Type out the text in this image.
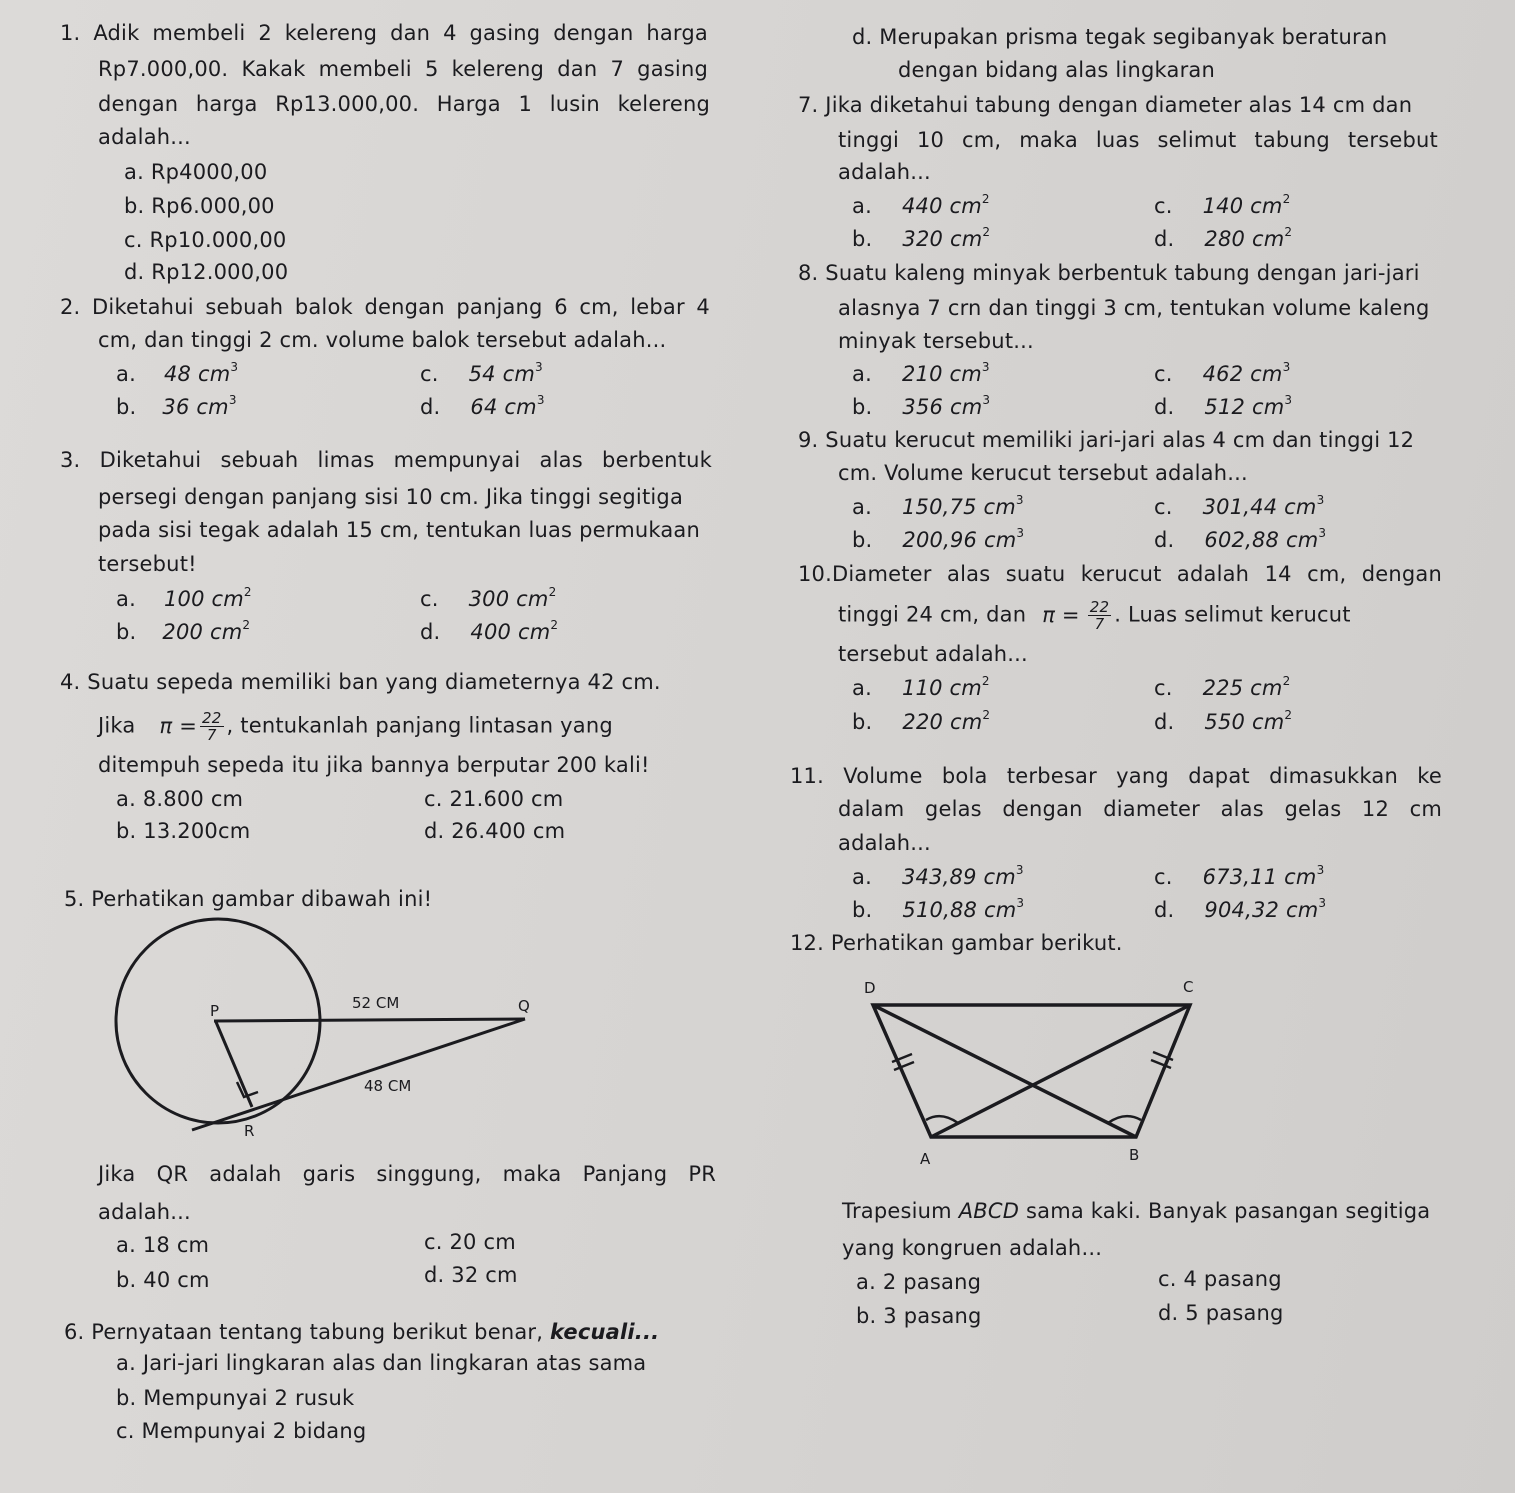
1. Adik membeli 2 kelereng dan 4 gasing dengan harga
Rp7.000,00. Kakak membeli 5 kelereng dan 7 gasing
dengan harga Rp13.000,00. Harga 1 lusin kelereng
adalah...
a. Rp4000,00
b. Rp6.000,00
c. Rp10.000,00
d. Rp12.000,00
2. Diketahui sebuah balok dengan panjang 6 cm, lebar 4
cm, dan tinggi 2 cm. volume balok tersebut adalah...
a. 48 $cm^3$
b. 36 $cm^3$
c. 54 $cm^3$
d. 64 $cm^3$
3. Diketahui sebuah limas mempunyai alas berbentuk
persegi dengan panjang sisi 10 cm. Jika tinggi segitiga
pada sisi tegak adalah 15 cm, tentukan luas permukaan
tersebut!
a. 100 $cm^2$
b. 200 $cm^2$
c. 300 $cm^2$
d. 400 $cm^2$
4. Suatu sepeda memiliki ban yang diameternya 42 cm.
Jika $\pi = \frac{22}{7}$ , tentukanlah panjang lintasan yang
ditempuh sepeda itu jika bannya berputar 200 kali!
a. 8.800 cm
b. 13.200cm
c. 21.600 cm
d. 26.400 cm
5. Perhatikan gambar dibawah ini!
P	Q
R
52 CM
48 CM
Jika QR adalah garis singgung, maka Panjang PR
adalah...
a. 18 cm
b. 40 cm
c. 20 cm
d. 32 cm
6. Pernyataan tentang tabung berikut benar, kecuali...
a. Jari-jari lingkaran alas dan lingkaran atas sama
b. Mempunyai 2 rusuk
c. Mempunyai 2 bidang
d. Merupakan prisma tegak segibanyak beraturan
dengan bidang alas lingkaran
7. Jika diketahui tabung dengan diameter alas 14 cm dan
tinggi 10 cm, maka luas selimut tabung tersebut
adalah...
a. 440 $cm^2$
b. 320 $cm^2$
c. 140 $cm^2$
d. 280 $cm^2$
8. Suatu kaleng minyak berbentuk tabung dengan jari-jari
alasnya 7 crn dan tinggi 3 cm, tentukan volume kaleng
minyak tersebut...
a. 210 $cm^3$
b. 356 $cm^3$
c. 462 $cm^3$
d. 512 $cm^3$
9. Suatu kerucut memiliki jari-jari alas 4 cm dan tinggi 12
cm. Volume kerucut tersebut adalah...
a. 150,75 $cm^3$
b. 200,96 $cm^3$
c. 301,44 $cm^3$
d. 602,88 $cm^3$
10.Diameter alas suatu kerucut adalah 14 cm, dengan
tinggi 24 cm, dan $\pi = \frac{22}{7}$ . Luas selimut kerucut
tersebut adalah...
a. 110 $cm^2$
b. 220 $cm^2$
c. 225 $cm^2$
d. 550 $cm^2$
11. Volume bola terbesar yang dapat dimasukkan ke
dalam gelas dengan diameter alas gelas 12 cm
adalah...
a. 343,89 $cm^3$
b. 510,88 $cm^3$
c. 673,11 $cm^3$
d. 904,32 $cm^3$
12. Perhatikan gambar berikut.
A	B
C
D
Trapesium ABCD sama kaki. Banyak pasangan segitiga
yang kongruen adalah...
a. 2 pasang
b. 3 pasang
c. 4 pasang
d. 5 pasang
